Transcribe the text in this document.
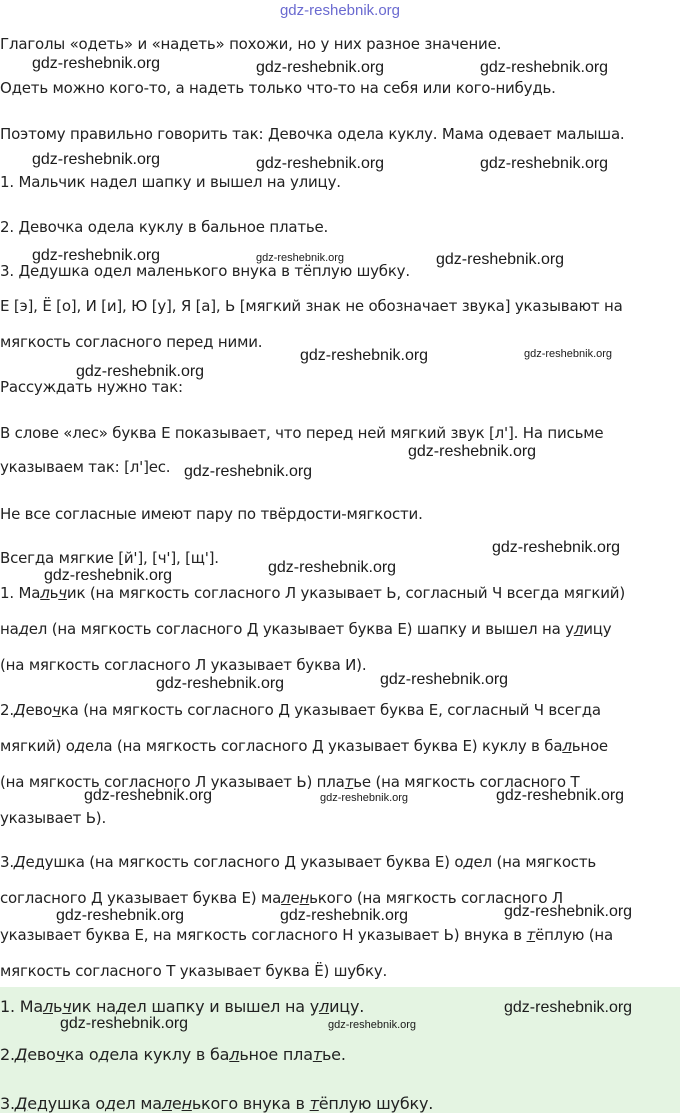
gdz-reshebnik.org

Глаголы «одеть» и «надеть» похожи, но у них разное значение.

Одеть можно кого-то, а надеть только что-то на себя или кого-нибудь.

Поэтому правильно говорить так: Девочка одела куклу. Мама одевает малыша.

1. Мальчик надел шапку и вышел на улицу.

2. Девочка одела куклу в бальное платье.

3. Дедушка одел маленького внука в тёплую шубку.

Е [э], Ё [о], И [и], Ю [у], Я [а], Ь [мягкий знак не обозначает звука] указывают на

мягкость согласного перед ними.

Рассуждать нужно так:

В слове «лес» буква Е показывает, что перед ней мягкий звук [л']. На письме

указываем так: [л']ес.

Не все согласные имеют пару по твёрдости-мягкости.

Всегда мягкие [й'], [ч'], [щ'].

1. Мальчик (на мягкость согласного Л указывает Ь, согласный Ч всегда мягкий)

надел (на мягкость согласного Д указывает буква Е) шапку и вышел на улицу

(на мягкость согласного Л указывает буква И).

2.Девочка (на мягкость согласного Д указывает буква Е, согласный Ч всегда

мягкий) одела (на мягкость согласного Д указывает буква Е) куклу в бальное

(на мягкость согласного Л указывает Ь) платье (на мягкость согласного Т

указывает Ь).

3.Дедушка (на мягкость согласного Д указывает буква Е) одел (на мягкость

согласного Д указывает буква Е) маленького (на мягкость согласного Л

указывает буква Е, на мягкость согласного Н указывает Ь) внука в тёплую (на

мягкость согласного Т указывает буква Ё) шубку.

1. Мальчик надел шапку и вышел на улицу.

2.Девочка одела куклу в бальное платье.

3.Дедушка одел маленького внука в тёплую шубку.

gdz-reshebnik.org	gdz-reshebnik.org	gdz-reshebnik.org
gdz-reshebnik.org	gdz-reshebnik.org	gdz-reshebnik.org
gdz-reshebnik.org	gdz-reshebnik.org	gdz-reshebnik.org
gdz-reshebnik.org	gdz-reshebnik.org
gdz-reshebnik.org
gdz-reshebnik.org
gdz-reshebnik.org
gdz-reshebnik.org
gdz-reshebnik.org
gdz-reshebnik.org
gdz-reshebnik.org
gdz-reshebnik.org
gdz-reshebnik.org	gdz-reshebnik.org	gdz-reshebnik.org
gdz-reshebnik.org
gdz-reshebnik.org	gdz-reshebnik.org
gdz-reshebnik.org
gdz-reshebnik.org	gdz-reshebnik.org
